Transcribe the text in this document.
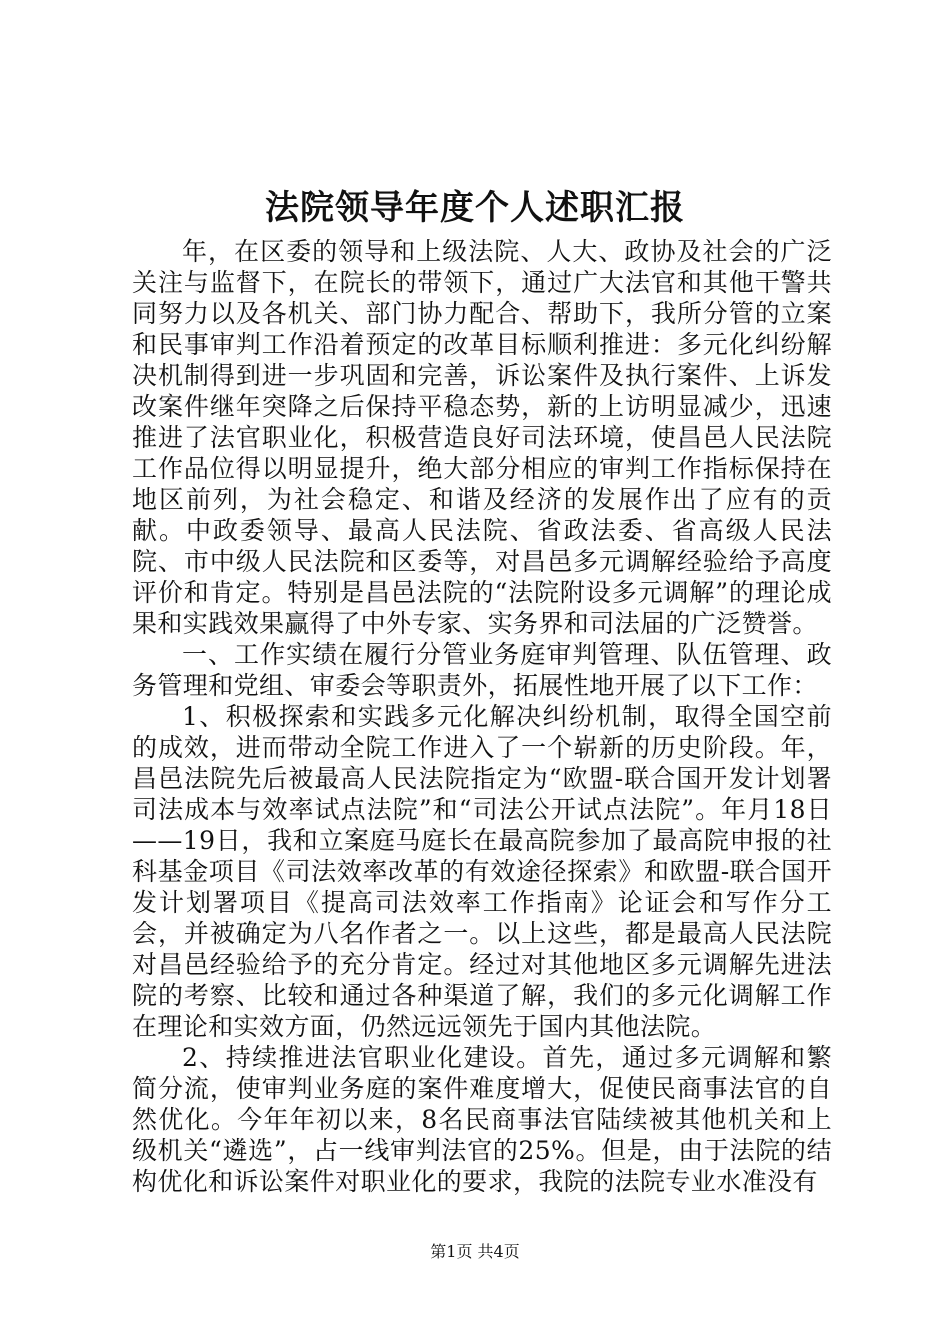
法院领导年度个人述职汇报

年，在区委的领导和上级法院、人大、政协及社会的广泛关注与监督下，在院长的带领下，通过广大法官和其他干警共同努力以及各机关、部门协力配合、帮助下，我所分管的立案和民事审判工作沿着预定的改革目标顺利推进：多元化纠纷解决机制得到进一步巩固和完善，诉讼案件及执行案件、上诉发改案件继年突降之后保持平稳态势，新的上访明显减少，迅速推进了法官职业化，积极营造良好司法环境，使昌邑人民法院工作品位得以明显提升，绝大部分相应的审判工作指标保持在地区前列，为社会稳定、和谐及经济的发展作出了应有的贡献。中政委领导、最高人民法院、省政法委、省高级人民法院、市中级人民法院和区委等，对昌邑多元调解经验给予高度评价和肯定。特别是昌邑法院的“法院附设多元调解”的理论成果和实践效果赢得了中外专家、实务界和司法届的广泛赞誉。

一、工作实绩在履行分管业务庭审判管理、队伍管理、政务管理和党组、审委会等职责外，拓展性地开展了以下工作：

1、积极探索和实践多元化解决纠纷机制，取得全国空前的成效，进而带动全院工作进入了一个崭新的历史阶段。年，昌邑法院先后被最高人民法院指定为“欧盟-联合国开发计划署司法成本与效率试点法院”和“司法公开试点法院”。年月18日——19日，我和立案庭马庭长在最高院参加了最高院申报的社科基金项目《司法效率改革的有效途径探索》和欧盟-联合国开发计划署项目《提高司法效率工作指南》论证会和写作分工会，并被确定为八名作者之一。以上这些，都是最高人民法院对昌邑经验给予的充分肯定。经过对其他地区多元调解先进法院的考察、比较和通过各种渠道了解，我们的多元化调解工作在理论和实效方面，仍然远远领先于国内其他法院。

2、持续推进法官职业化建设。首先，通过多元调解和繁简分流，使审判业务庭的案件难度增大，促使民商事法官的自然优化。今年年初以来，8名民商事法官陆续被其他机关和上级机关“遴选”，占一线审判法官的25%。但是，由于法院的结构优化和诉讼案件对职业化的要求，我院的法院专业水准没有

第1页 共4页
